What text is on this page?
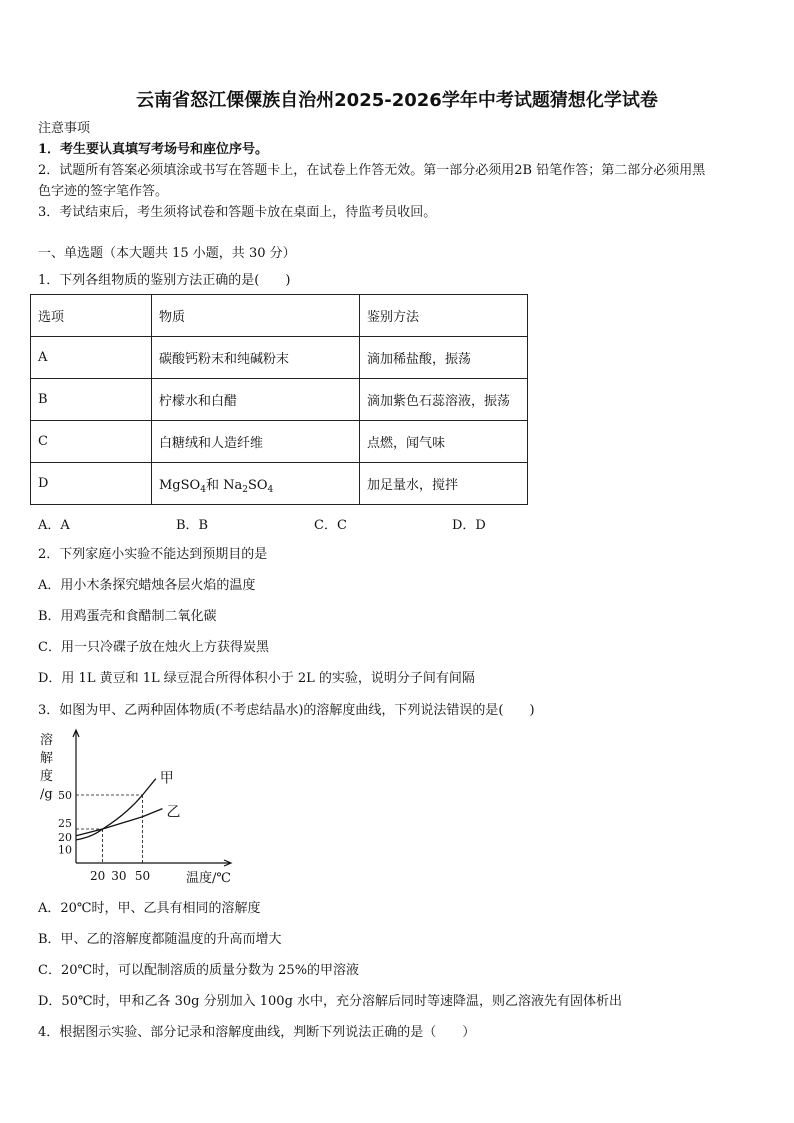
云南省怒江傈僳族自治州2025-2026学年中考试题猜想化学试卷
注意事项
1．考生要认真填写考场号和座位序号。
2．试题所有答案必须填涂或书写在答题卡上，在试卷上作答无效。第一部分必须用2B 铅笔作答；第二部分必须用黑
色字迹的签字笔作答。
3．考试结束后，考生须将试卷和答题卡放在桌面上，待监考员收回。
一、单选题（本大题共 15 小题，共 30 分）
1．下列各组物质的鉴别方法正确的是(　　)
选项	物质	鉴别方法
A	碳酸钙粉末和纯碱粉末	滴加稀盐酸，振荡
B	柠檬水和白醋	滴加紫色石蕊溶液，振荡
C	白糖绒和人造纤维	点燃，闻气味
D	MgSO$_4$和 $Na_2SO_4$	加足量水，搅拌
A．A	B．B	C．C	D．D
2．下列家庭小实验不能达到预期目的是
A．用小木条探究蜡烛各层火焰的温度
B．用鸡蛋壳和食醋制二氧化碳
C．用一只冷碟子放在烛火上方获得炭黑
D．用 1L 黄豆和 1L 绿豆混合所得体积小于 2L 的实验，说明分子间有间隔
3．如图为甲、乙两种固体物质(不考虑结晶水)的溶解度曲线，下列说法错误的是(　　)
溶
解
度
/g
10
20
25
50
20 30 50	温度/℃
甲
乙
A．20℃时，甲、乙具有相同的溶解度
B．甲、乙的溶解度都随温度的升高而增大
C．20℃时，可以配制溶质的质量分数为 25%的甲溶液
D．50℃时，甲和乙各 30g 分别加入 100g 水中，充分溶解后同时等速降温，则乙溶液先有固体析出
4．根据图示实验、部分记录和溶解度曲线，判断下列说法正确的是（　　）
